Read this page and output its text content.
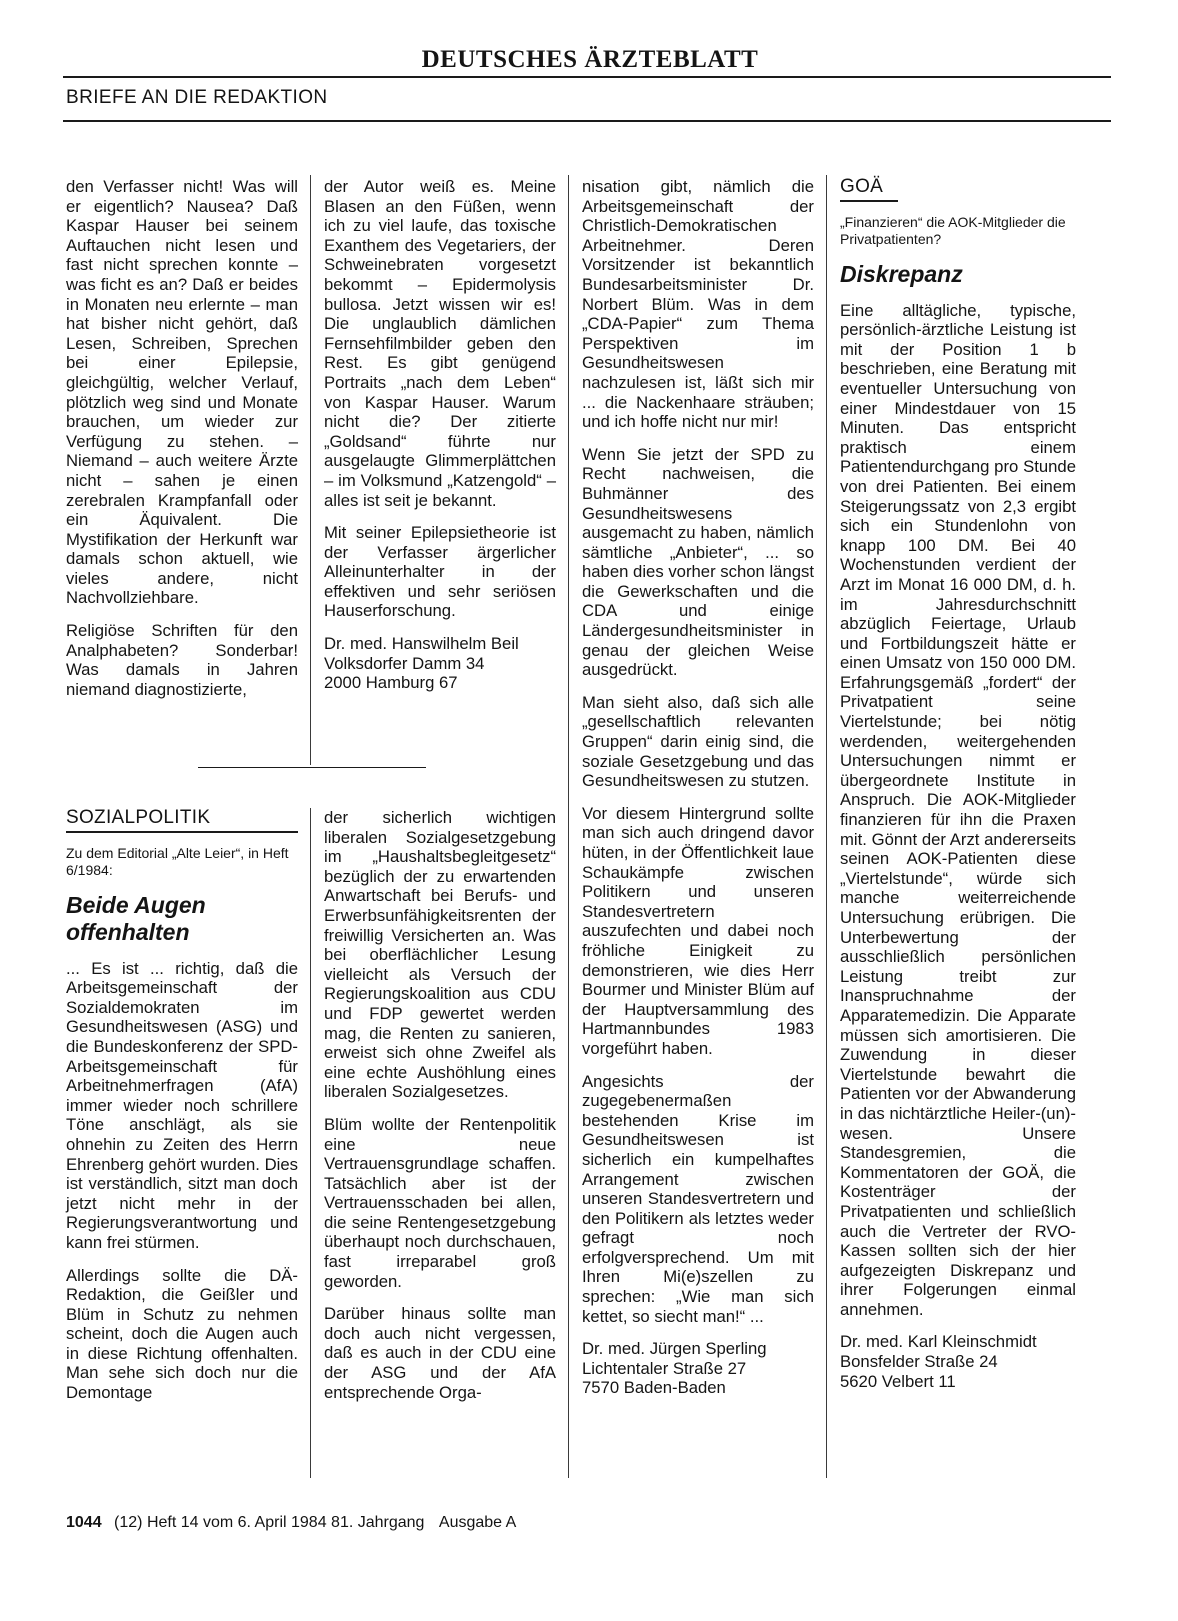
DEUTSCHES ÄRZTEBLATT
BRIEFE AN DIE REDAKTION

den Verfasser nicht! Was will er eigentlich? Nausea? Daß Kaspar Hauser bei seinem Auftauchen nicht lesen und fast nicht sprechen konnte – was ficht es an? Daß er beides in Monaten neu erlernte – man hat bisher nicht gehört, daß Lesen, Schreiben, Sprechen bei einer Epilepsie, gleichgültig, welcher Verlauf, plötzlich weg sind und Monate brauchen, um wieder zur Verfügung zu stehen. – Niemand – auch weitere Ärzte nicht – sahen je einen zerebralen Krampfanfall oder ein Äquivalent. Die Mystifikation der Herkunft war damals schon aktuell, wie vieles andere, nicht Nachvollziehbare.

Religiöse Schriften für den Analphabeten? Sonderbar! Was damals in Jahren niemand diagnostizierte,

der Autor weiß es. Meine Blasen an den Füßen, wenn ich zu viel laufe, das toxische Exanthem des Vegetariers, der Schweinebraten vorgesetzt bekommt – Epidermolysis bullosa. Jetzt wissen wir es! Die unglaublich dämlichen Fernsehfilmbilder geben den Rest. Es gibt genügend Portraits „nach dem Leben“ von Kaspar Hauser. Warum nicht die? Der zitierte „Goldsand“ führte nur ausgelaugte Glimmerplättchen – im Volksmund „Katzengold“ – alles ist seit je bekannt.

Mit seiner Epilepsietheorie ist der Verfasser ärgerlicher Alleinunterhalter in der effektiven und sehr seriösen Hauserforschung.

Dr. med. Hanswilhelm Beil
Volksdorfer Damm 34
2000 Hamburg 67

SOZIALPOLITIK

Zu dem Editorial „Alte Leier“, in Heft 6/1984:

Beide Augen offenhalten

... Es ist ... richtig, daß die Arbeitsgemeinschaft der Sozialdemokraten im Gesundheitswesen (ASG) und die Bundeskonferenz der SPD-Arbeitsgemeinschaft für Arbeitnehmerfragen (AfA) immer wieder noch schrillere Töne anschlägt, als sie ohnehin zu Zeiten des Herrn Ehrenberg gehört wurden. Dies ist verständlich, sitzt man doch jetzt nicht mehr in der Regierungsverantwortung und kann frei stürmen.

Allerdings sollte die DÄ-Redaktion, die Geißler und Blüm in Schutz zu nehmen scheint, doch die Augen auch in diese Richtung offenhalten. Man sehe sich doch nur die Demontage

der sicherlich wichtigen liberalen Sozialgesetzgebung im „Haushaltsbegleitgesetz“ bezüglich der zu erwartenden Anwartschaft bei Berufs- und Erwerbsunfähigkeitsrenten der freiwillig Versicherten an. Was bei oberflächlicher Lesung vielleicht als Versuch der Regierungskoalition aus CDU und FDP gewertet werden mag, die Renten zu sanieren, erweist sich ohne Zweifel als eine echte Aushöhlung eines liberalen Sozialgesetzes.

Blüm wollte der Rentenpolitik eine neue Vertrauensgrundlage schaffen. Tatsächlich aber ist der Vertrauensschaden bei allen, die seine Rentengesetzgebung überhaupt noch durchschauen, fast irreparabel groß geworden.

Darüber hinaus sollte man doch auch nicht vergessen, daß es auch in der CDU eine der ASG und der AfA entsprechende Orga-

nisation gibt, nämlich die Arbeitsgemeinschaft der Christlich-Demokratischen Arbeitnehmer. Deren Vorsitzender ist bekanntlich Bundesarbeitsminister Dr. Norbert Blüm. Was in dem „CDA-Papier“ zum Thema Perspektiven im Gesundheitswesen nachzulesen ist, läßt sich mir ... die Nackenhaare sträuben; und ich hoffe nicht nur mir!

Wenn Sie jetzt der SPD zu Recht nachweisen, die Buhmänner des Gesundheitswesens ausgemacht zu haben, nämlich sämtliche „Anbieter“, ... so haben dies vorher schon längst die Gewerkschaften und die CDA und einige Ländergesundheitsminister in genau der gleichen Weise ausgedrückt.

Man sieht also, daß sich alle „gesellschaftlich relevanten Gruppen“ darin einig sind, die soziale Gesetzgebung und das Gesundheitswesen zu stutzen.

Vor diesem Hintergrund sollte man sich auch dringend davor hüten, in der Öffentlichkeit laue Schaukämpfe zwischen Politikern und unseren Standesvertretern auszufechten und dabei noch fröhliche Einigkeit zu demonstrieren, wie dies Herr Bourmer und Minister Blüm auf der Hauptversammlung des Hartmannbundes 1983 vorgeführt haben.

Angesichts der zugegebenermaßen bestehenden Krise im Gesundheitswesen ist sicherlich ein kumpelhaftes Arrangement zwischen unseren Standesvertretern und den Politikern als letztes weder gefragt noch erfolgversprechend. Um mit Ihren Mi(e)szellen zu sprechen: „Wie man sich kettet, so siecht man!“ ...

Dr. med. Jürgen Sperling
Lichtentaler Straße 27
7570 Baden-Baden

GOÄ

„Finanzieren“ die AOK-Mitglieder die Privatpatienten?

Diskrepanz

Eine alltägliche, typische, persönlich-ärztliche Leistung ist mit der Position 1 b beschrieben, eine Beratung mit eventueller Untersuchung von einer Mindestdauer von 15 Minuten. Das entspricht praktisch einem Patientendurchgang pro Stunde von drei Patienten. Bei einem Steigerungssatz von 2,3 ergibt sich ein Stundenlohn von knapp 100 DM. Bei 40 Wochenstunden verdient der Arzt im Monat 16 000 DM, d. h. im Jahresdurchschnitt abzüglich Feiertage, Urlaub und Fortbildungszeit hätte er einen Umsatz von 150 000 DM. Erfahrungsgemäß „fordert“ der Privatpatient seine Viertelstunde; bei nötig werdenden, weitergehenden Untersuchungen nimmt er übergeordnete Institute in Anspruch. Die AOK-Mitglieder finanzieren für ihn die Praxen mit. Gönnt der Arzt andererseits seinen AOK-Patienten diese „Viertelstunde“, würde sich manche weiterreichende Untersuchung erübrigen. Die Unterbewertung der ausschließlich persönlichen Leistung treibt zur Inanspruchnahme der Apparatemedizin. Die Apparate müssen sich amortisieren. Die Zuwendung in dieser Viertelstunde bewahrt die Patienten vor der Abwanderung in das nichtärztliche Heiler-(un)-wesen. Unsere Standesgremien, die Kommentatoren der GOÄ, die Kostenträger der Privatpatienten und schließlich auch die Vertreter der RVO-Kassen sollten sich der hier aufgezeigten Diskrepanz und ihrer Folgerungen einmal annehmen.

Dr. med. Karl Kleinschmidt
Bonsfelder Straße 24
5620 Velbert 11

1044 (12) Heft 14 vom 6. April 1984 81. Jahrgang Ausgabe A
